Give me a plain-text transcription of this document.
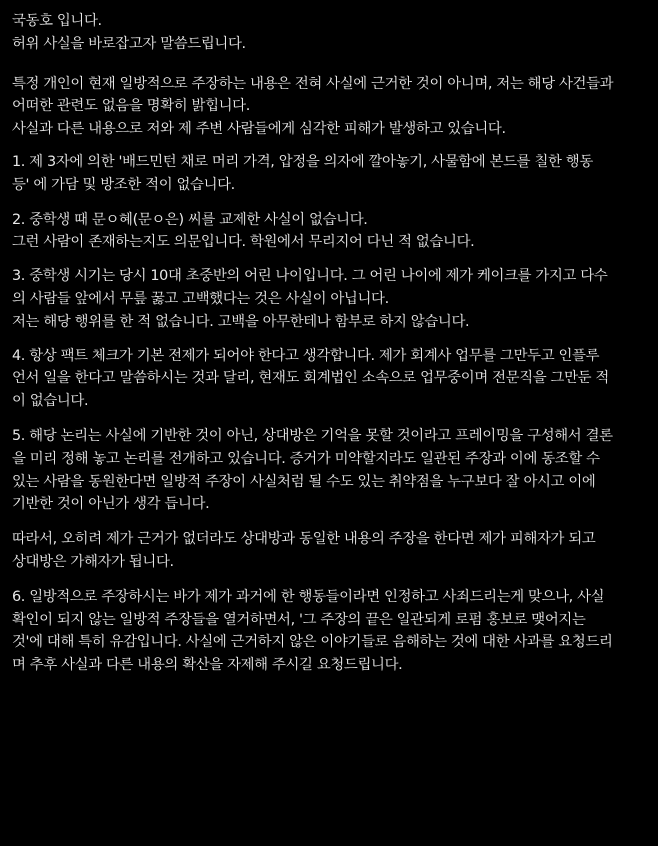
국동호 입니다.
허위 사실을 바로잡고자 말씀드립니다.

특정 개인이 현재 일방적으로 주장하는 내용은 전혀 사실에 근거한 것이 아니며, 저는 해당 사건들과
어떠한 관련도 없음을 명확히 밝힙니다.
사실과 다른 내용으로 저와 제 주변 사람들에게 심각한 피해가 발생하고 있습니다.

1. 제 3자에 의한 '배드민턴 채로 머리 가격, 압정을 의자에 깔아놓기, 사물함에 본드를 칠한 행동
등' 에 가담 및 방조한 적이 없습니다.

2. 중학생 때 문ㅇ혜(문ㅇ은) 씨를 교제한 사실이 없습니다.
그런 사람이 존재하는지도 의문입니다. 학원에서 무리지어 다닌 적 없습니다.

3. 중학생 시기는 당시 10대 초중반의 어린 나이입니다. 그 어린 나이에 제가 케이크를 가지고 다수
의 사람들 앞에서 무릎 꿇고 고백했다는 것은 사실이 아닙니다.
저는 해당 행위를 한 적 없습니다. 고백을 아무한테나 함부로 하지 않습니다.

4. 항상 팩트 체크가 기본 전제가 되어야 한다고 생각합니다. 제가 회계사 업무를 그만두고 인플루
언서 일을 한다고 말씀하시는 것과 달리, 현재도 회계법인 소속으로 업무중이며 전문직을 그만둔 적
이 없습니다.

5. 해당 논리는 사실에 기반한 것이 아닌, 상대방은 기억을 못할 것이라고 프레이밍을 구성해서 결론
을 미리 정해 놓고 논리를 전개하고 있습니다. 증거가 미약할지라도 일관된 주장과 이에 동조할 수
있는 사람을 동원한다면 일방적 주장이 사실처럼 될 수도 있는 취약점을 누구보다 잘 아시고 이에
기반한 것이 아닌가 생각 듭니다.

따라서, 오히려 제가 근거가 없더라도 상대방과 동일한 내용의 주장을 한다면 제가 피해자가 되고
상대방은 가해자가 됩니다.

6. 일방적으로 주장하시는 바가 제가 과거에 한 행동들이라면 인정하고 사죄드리는게 맞으나, 사실
확인이 되지 않는 일방적 주장들을 열거하면서, '그 주장의 끝은 일관되게 로펌 홍보로 맺어지는
것'에 대해 특히 유감입니다. 사실에 근거하지 않은 이야기들로 음해하는 것에 대한 사과를 요청드리
며 추후 사실과 다른 내용의 확산을 자제해 주시길 요청드립니다.
